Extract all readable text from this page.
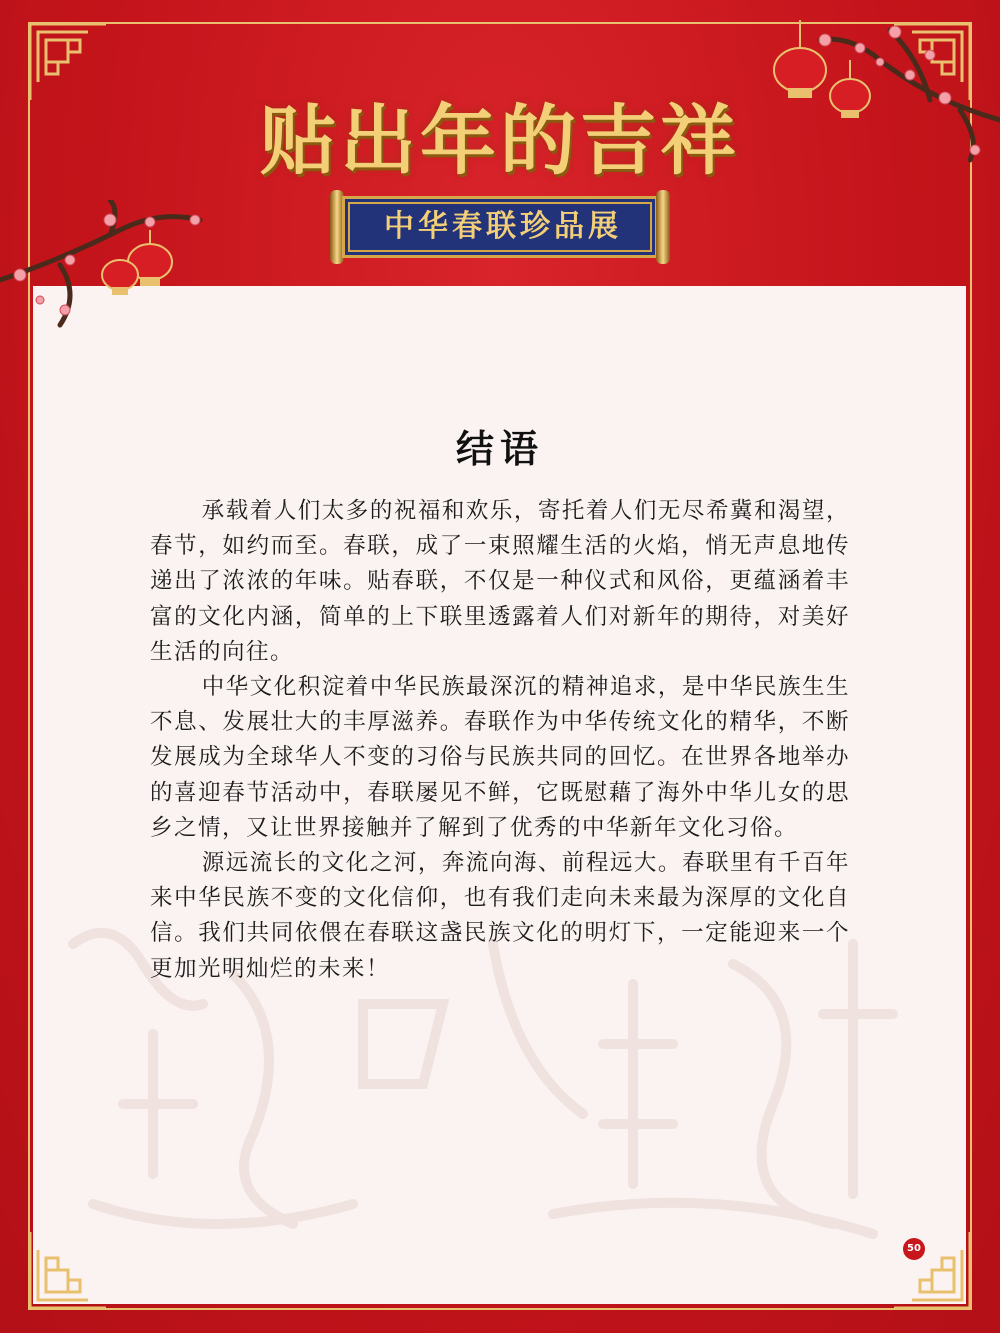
贴出年的吉祥
中华春联珍品展
结语

承载着人们太多的祝福和欢乐，寄托着人们无尽希冀和渴望，春节，如约而至。春联，成了一束照耀生活的火焰，悄无声息地传递出了浓浓的年味。贴春联，不仅是一种仪式和风俗，更蕴涵着丰富的文化内涵，简单的上下联里透露着人们对新年的期待，对美好生活的向往。

中华文化积淀着中华民族最深沉的精神追求，是中华民族生生不息、发展壮大的丰厚滋养。春联作为中华传统文化的精华，不断发展成为全球华人不变的习俗与民族共同的回忆。在世界各地举办的喜迎春节活动中，春联屡见不鲜，它既慰藉了海外中华儿女的思乡之情，又让世界接触并了解到了优秀的中华新年文化习俗。

源远流长的文化之河，奔流向海、前程远大。春联里有千百年来中华民族不变的文化信仰，也有我们走向未来最为深厚的文化自信。我们共同依偎在春联这盏民族文化的明灯下，一定能迎来一个更加光明灿烂的未来！

50
